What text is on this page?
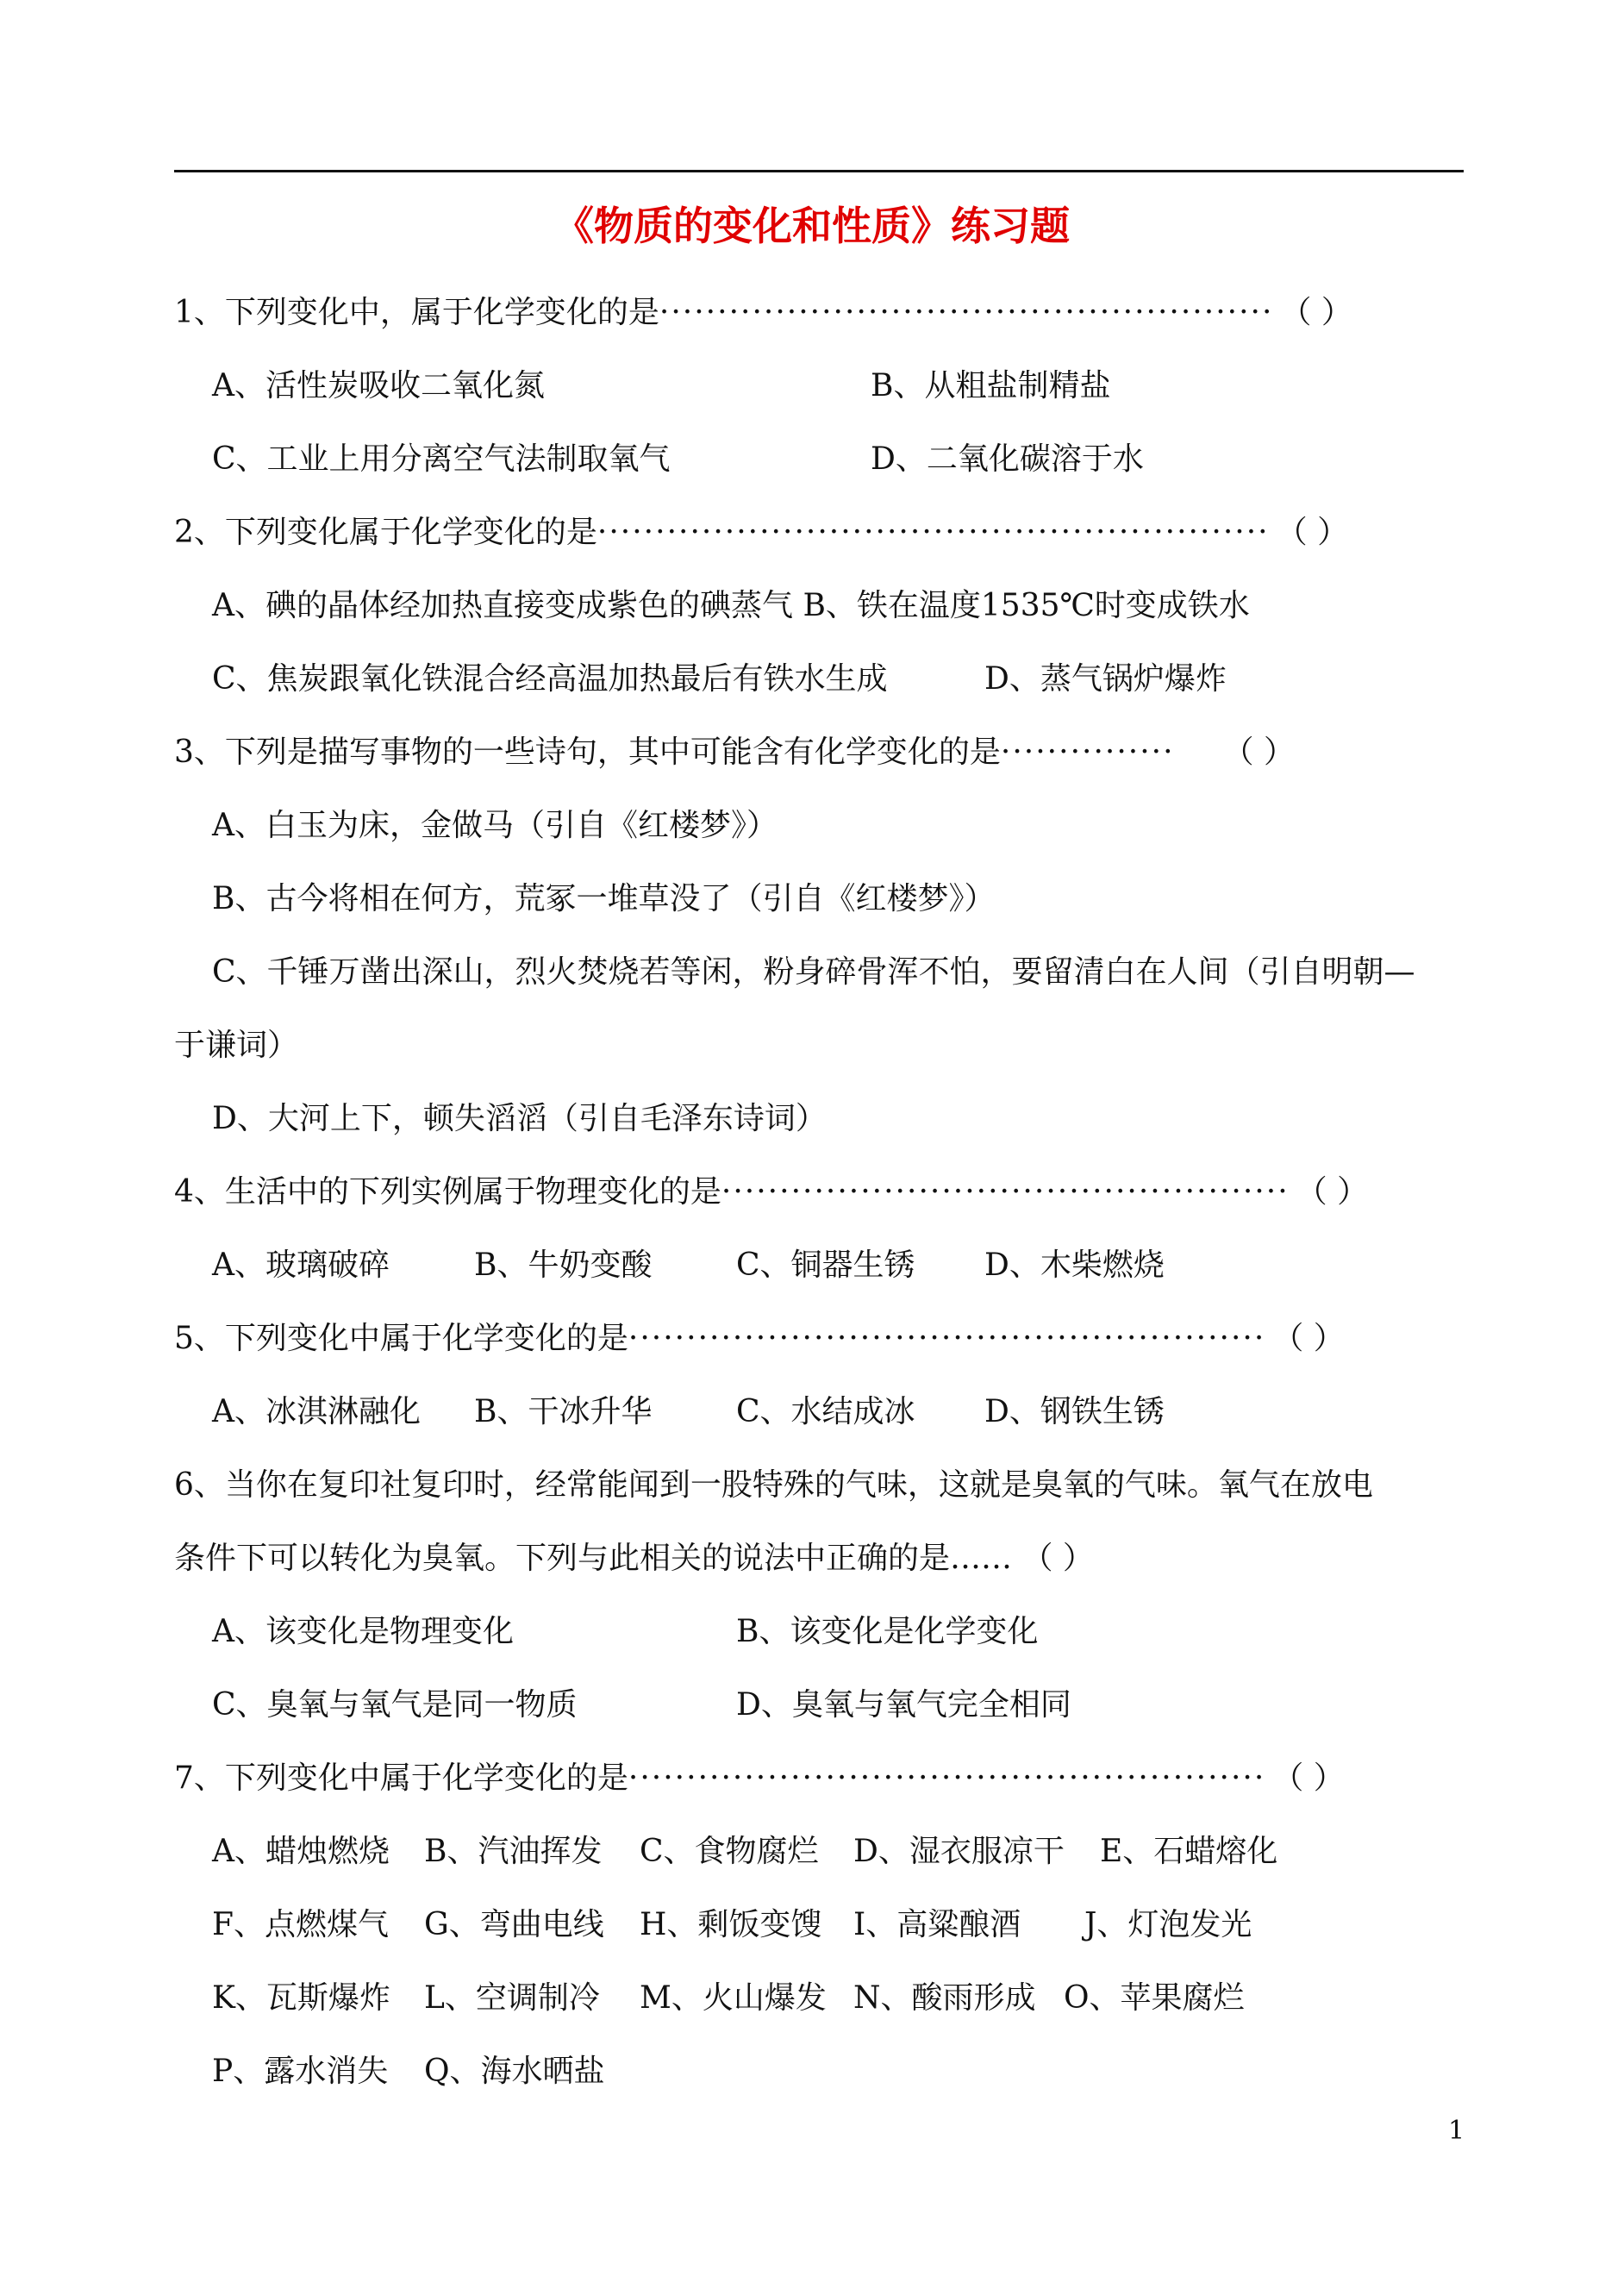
《物质的变化和性质》练习题
1、下列变化中，属于化学变化的是 ····················································· （ ）
A、活性炭吸收二氧化氮	B、从粗盐制精盐
C、工业上用分离空气法制取氧气	D、二氧化碳溶于水
2、下列变化属于化学变化的是 ·························································· （ ）
A、碘的晶体经加热直接变成紫色的碘蒸气 B、铁在温度1535℃时变成铁水
C、焦炭跟氧化铁混合经高温加热最后有铁水生成	D、蒸气锅炉爆炸
3、下列是描写事物的一些诗句，其中可能含有化学变化的是 ···············	（ ）
A、白玉为床，金做马（引自《红楼梦》）
B、古今将相在何方，荒冢一堆草没了（引自《红楼梦》）
C、千锤万凿出深山，烈火焚烧若等闲，粉身碎骨浑不怕，要留清白在人间（引自明朝—
于谦词）
D、大河上下，顿失滔滔（引自毛泽东诗词）
4、生活中的下列实例属于物理变化的是 ················································· （ ）
A、玻璃破碎	B、牛奶变酸	C、铜器生锈 D、木柴燃烧
5、下列变化中属于化学变化的是 ······················································· （ ）
A、冰淇淋融化 B、干冰升华	C、水结成冰 D、钢铁生锈
6、当你在复印社复印时，经常能闻到一股特殊的气味，这就是臭氧的气味。氧气在放电
条件下可以转化为臭氧。下列与此相关的说法中正确的是…… （ ）
A、该变化是物理变化	B、该变化是化学变化
C、臭氧与氧气是同一物质	D、臭氧与氧气完全相同
7、下列变化中属于化学变化的是 ······················································· （ ）
A、蜡烛燃烧 B、汽油挥发 C、食物腐烂 D、湿衣服凉干 E、石蜡熔化
F、点燃煤气 G、弯曲电线 H、剩饭变馊 I、高粱酿酒 J、灯泡发光
K、瓦斯爆炸 L、空调制冷 M、火山爆发 N、酸雨形成 O、苹果腐烂
P、露水消失 Q、海水晒盐
1
